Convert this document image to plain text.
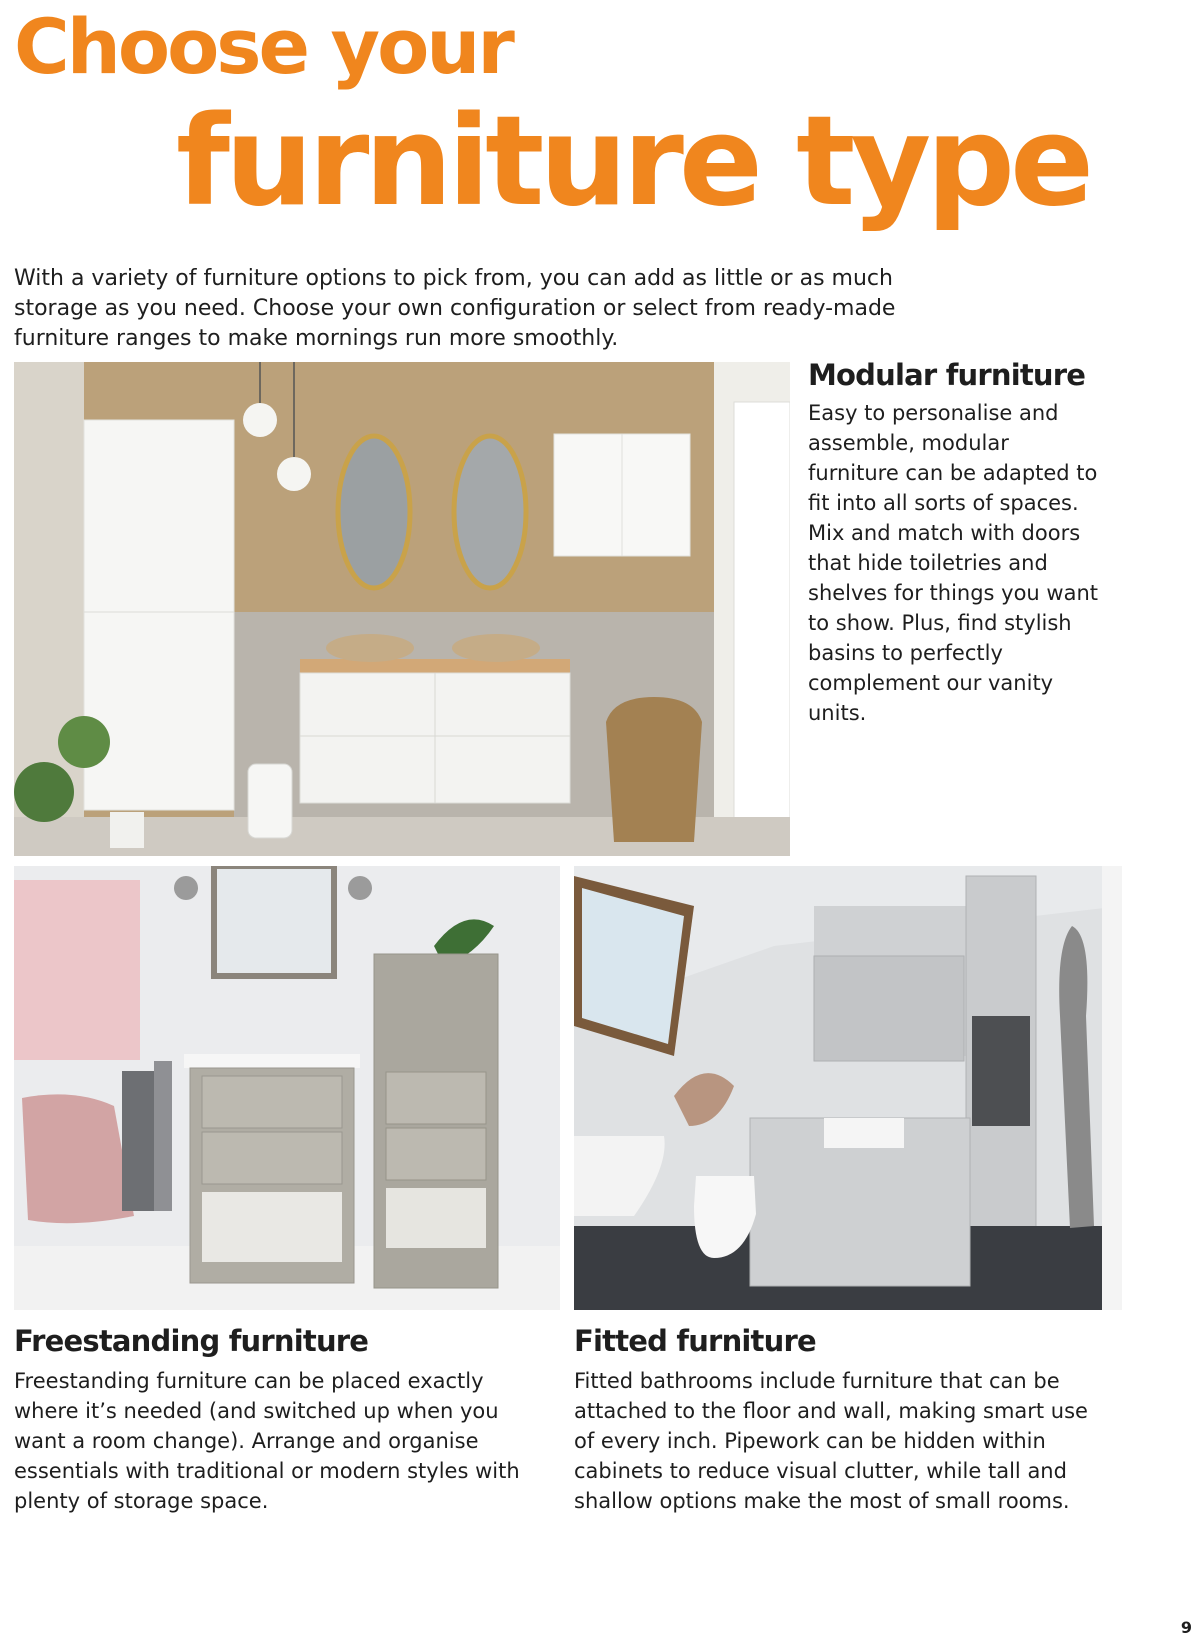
Choose your
furniture type

With a variety of furniture options to pick from, you can add as little or as much storage as you need. Choose your own configuration or select from ready-made furniture ranges to make mornings run more smoothly.

Modular furniture

Easy to personalise and assemble, modular furniture can be adapted to fit into all sorts of spaces. Mix and match with doors that hide toiletries and shelves for things you want to show. Plus, find stylish basins to perfectly complement our vanity units.

Freestanding furniture

Freestanding furniture can be placed exactly where it’s needed (and switched up when you want a room change). Arrange and organise essentials with traditional or modern styles with plenty of storage space.

Fitted furniture

Fitted bathrooms include furniture that can be attached to the floor and wall, making smart use of every inch. Pipework can be hidden within cabinets to reduce visual clutter, while tall and shallow options make the most of small rooms.

9
